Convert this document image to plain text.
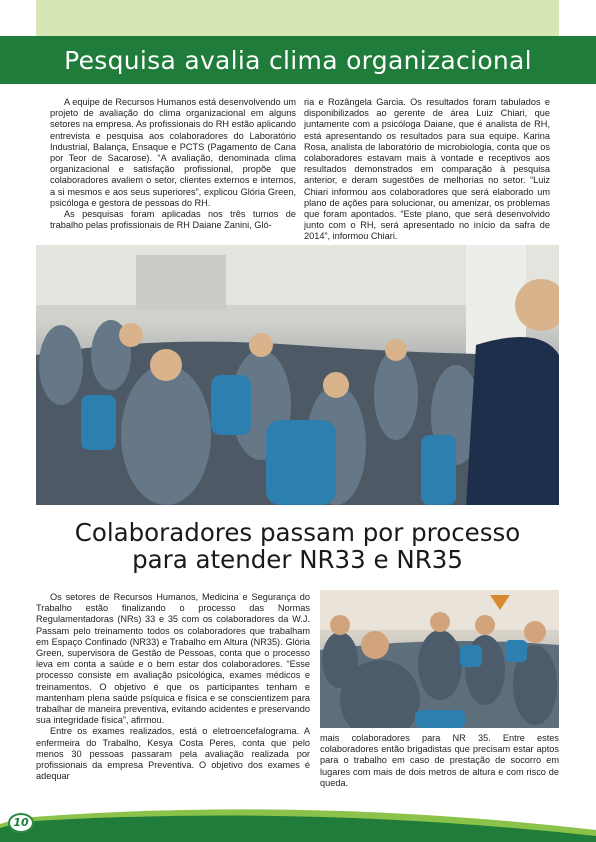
Pesquisa avalia clima organizacional

A equipe de Recursos Humanos está desenvolvendo um projeto de avaliação do clima organizacional em alguns setores na empresa. As profissionais do RH estão aplicando entrevista e pesquisa aos colaboradores do Laboratório Industrial, Balança, Ensaque e PCTS (Pagamento de Cana por Teor de Sacarose). “A avaliação, denominada clima organizacional e satisfação profissional, propõe que colaboradores avaliem o setor, clientes externos e internos, a si mesmos e aos seus superiores”, explicou Glória Green, psicóloga e gestora de pessoas do RH.

As pesquisas foram aplicadas nos três turnos de trabalho pelas profissionais de RH Daiane Zanini, Gló-

ria e Rozângela Garcia. Os resultados foram tabulados e disponibilizados ao gerente de área Luiz Chiari, que juntamente com a psicóloga Daiane, que é analista de RH, está apresentando os resultados para sua equipe. Karina Rosa, analista de laboratório de microbiologia, conta que os colaboradores estavam mais à vontade e receptivos aos resultados demonstrados em comparação à pesquisa anterior, e deram sugestões de melhorias no setor. “Luiz Chiari informou aos colaboradores que será elaborado um plano de ações para solucionar, ou amenizar, os problemas que foram apontados. “Este plano, que será desenvolvido junto com o RH, será apresentado no início da safra de 2014”, informou Chiari.

Colaboradores passam por processo
para atender NR33 e NR35

Os setores de Recursos Humanos, Medicina e Segurança do Trabalho estão finalizando o processo das Normas Regulamentadoras (NRs) 33 e 35 com os colaboradores da W.J. Passam pelo treinamento todos os colaboradores que trabalham em Espaço Confinado (NR33) e Trabalho em Altura (NR35). Glória Green, supervisora de Gestão de Pessoas, conta que o processo leva em conta a saúde e o bem estar dos colaboradores. “Esse processo consiste em avaliação psicológica, exames médicos e treinamentos. O objetivo é que os participantes tenham e mantenham plena saúde psíquica e física e se conscientizem para trabalhar de maneira preventiva, evitando acidentes e preservando sua integridade física”, afirmou.

Entre os exames realizados, está o eletroencefalograma. A enfermeira do Trabalho, Kesya Costa Peres, conta que pelo menos 30 pessoas passaram pela avaliação realizada por profissionais da empresa Preventiva. O objetivo dos exames é adequar

mais colaboradores para NR 35. Entre estes colaboradores então brigadistas que precisam estar aptos para o trabalho em caso de prestação de socorro em lugares com mais de dois metros de altura e com risco de queda.

10
